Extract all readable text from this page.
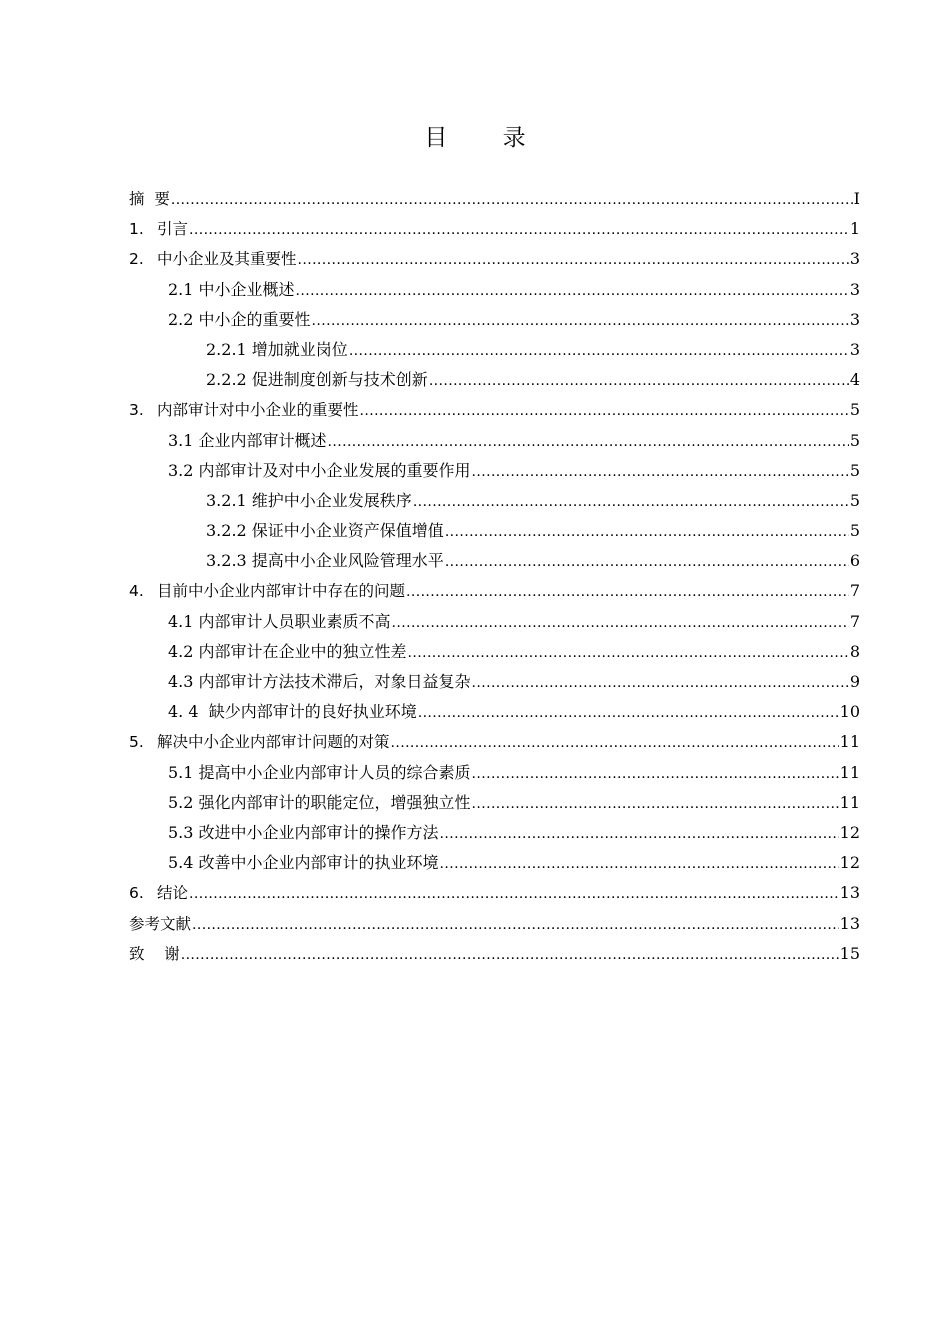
目 录
摘  要 .....	I
1. 引言 .....	1
2. 中小企业及其重要性 .....	3
2.1 中小企业概述 .....	3
2.2 中小企的重要性 .....	3
2.2.1 增加就业岗位 .....	3
2.2.2 促进制度创新与技术创新 .....	4
3. 内部审计对中小企业的重要性 .....	5
3.1 企业内部审计概述 .....	5
3.2 内部审计及对中小企业发展的重要作用 .....	5
3.2.1 维护中小企业发展秩序 .....	5
3.2.2 保证中小企业资产保值增值 .....	5
3.2.3 提高中小企业风险管理水平 .....	6
4. 目前中小企业内部审计中存在的问题 .....	7
4.1 内部审计人员职业素质不高 .....	7
4.2 内部审计在企业中的独立性差 .....	8
4.3 内部审计方法技术滞后，对象日益复杂 .....	9
4. 4  缺少内部审计的良好执业环境 .....	10
5. 解决中小企业内部审计问题的对策 .....	11
5.1 提高中小企业内部审计人员的综合素质 .....	11
5.2 强化内部审计的职能定位，增强独立性 .....	11
5.3 改进中小企业内部审计的操作方法 .....	12
5.4 改善中小企业内部审计的执业环境 .....	12
6. 结论 .....	13
参考文献 .....	13
致    谢 .....	15
